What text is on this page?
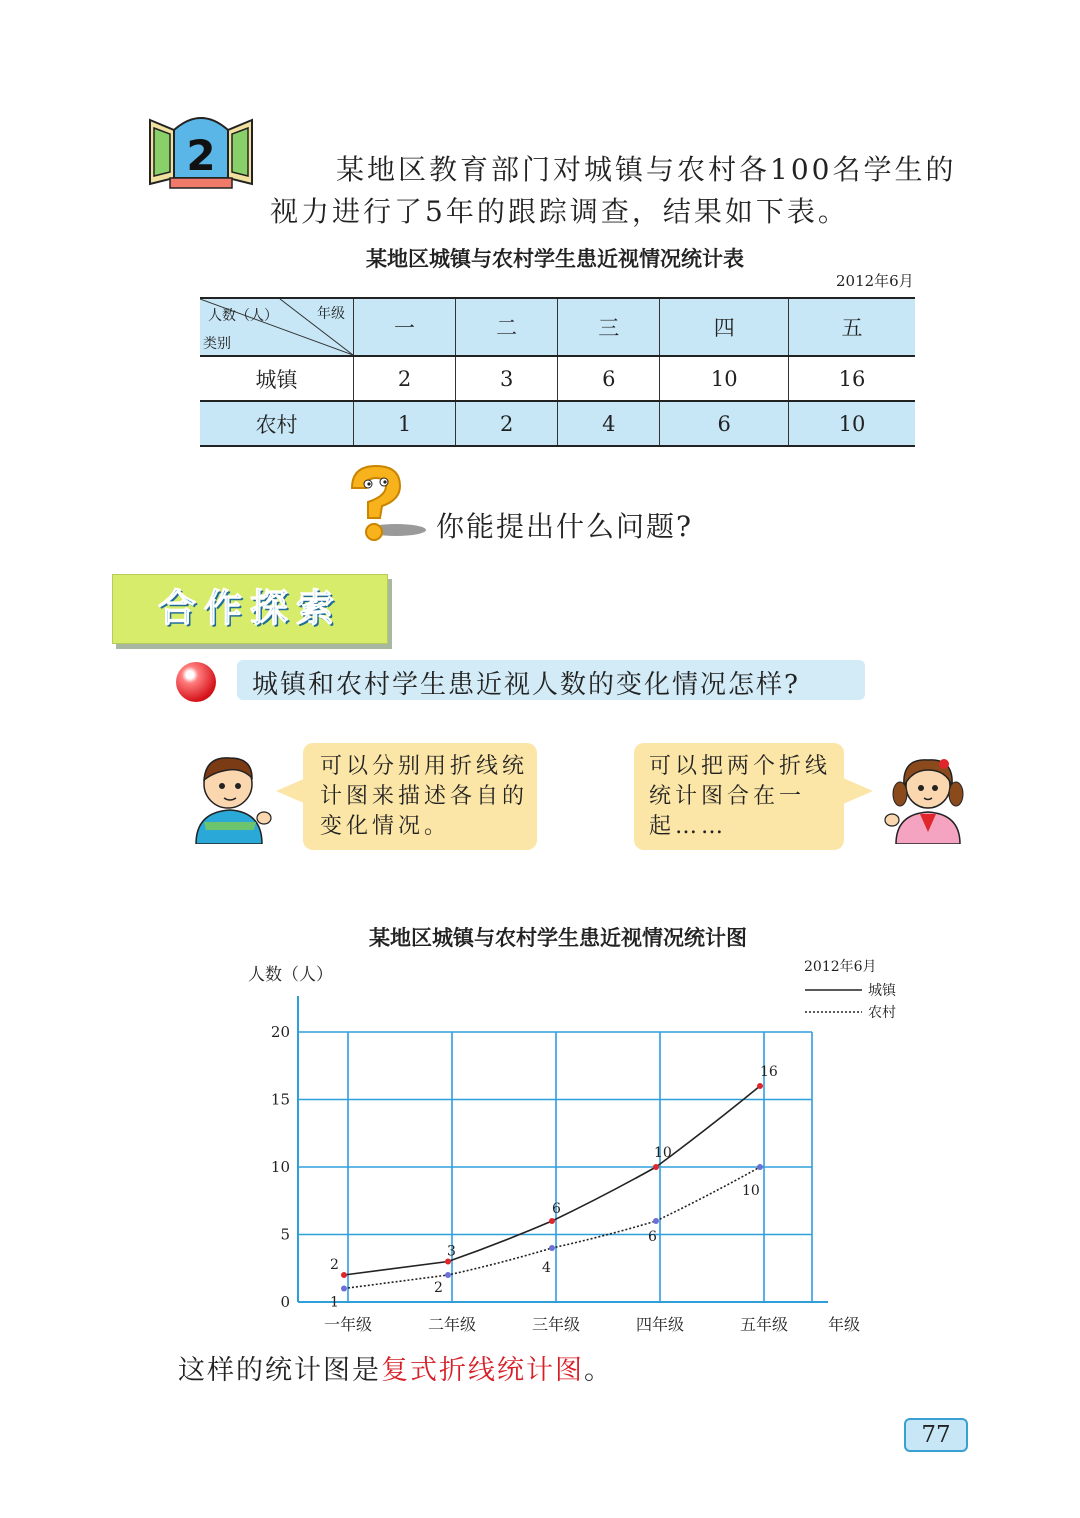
2	某地区教育部门对城镇与农村各100名学生的
视力进行了5年的跟踪调查，结果如下表。
某地区城镇与农村学生患近视情况统计表
2012年6月
人数（人） 年级
类别	一	二	三	四	五
城镇	2	3	6	10	16
农村	1	2	4	6	10
你能提出什么问题?
合作探索
城镇和农村学生患近视人数的变化情况怎样?
可以分别用折线统计图来描述各自的变化情况。
可以把两个折线统计图合在一起……
某地区城镇与农村学生患近视情况统计图
人数（人）	2012年6月
城镇
农村
0
5
10
15
20
一年级	二年级	三年级	四年级	五年级 年级
2
3
6
10
16
1
2
4
6
10
这样的统计图是复式折线统计图。
77
